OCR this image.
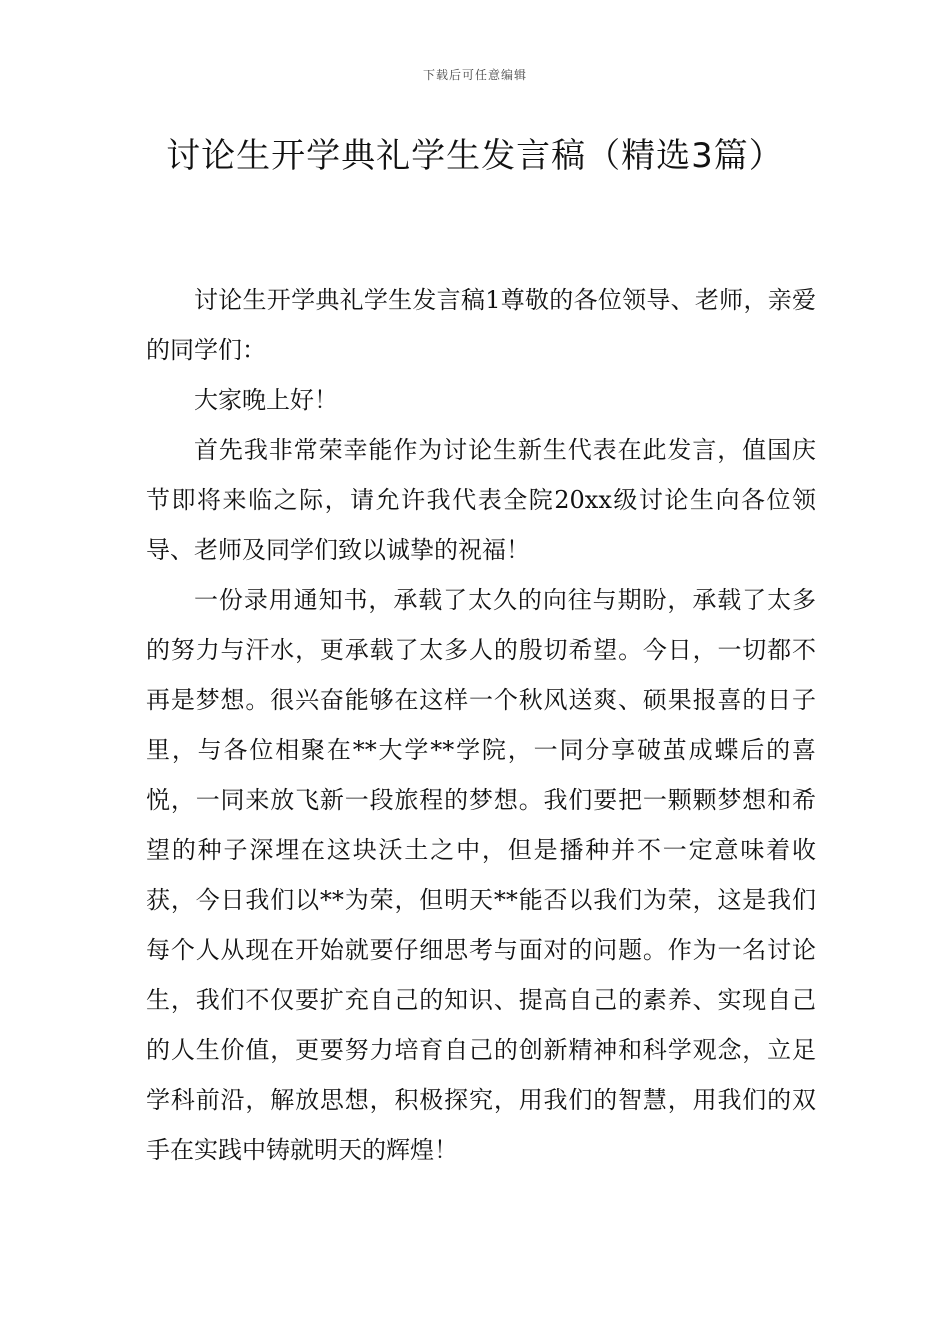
下载后可任意编辑
讨论生开学典礼学生发言稿（精选3篇）

讨论生开学典礼学生发言稿1尊敬的各位领导、老师，亲爱的同学们：

大家晚上好！

首先我非常荣幸能作为讨论生新生代表在此发言，值国庆节即将来临之际，请允许我代表全院20xx级讨论生向各位领导、老师及同学们致以诚挚的祝福！

一份录用通知书，承载了太久的向往与期盼，承载了太多的努力与汗水，更承载了太多人的殷切希望。今日，一切都不再是梦想。很兴奋能够在这样一个秋风送爽、硕果报喜的日子里，与各位相聚在**大学**学院，一同分享破茧成蝶后的喜悦，一同来放飞新一段旅程的梦想。我们要把一颗颗梦想和希望的种子深埋在这块沃土之中，但是播种并不一定意味着收获，今日我们以**为荣，但明天**能否以我们为荣，这是我们每个人从现在开始就要仔细思考与面对的问题。作为一名讨论生，我们不仅要扩充自己的知识、提高自己的素养、实现自己的人生价值，更要努力培育自己的创新精神和科学观念，立足学科前沿，解放思想，积极探究，用我们的智慧，用我们的双手在实践中铸就明天的辉煌！
